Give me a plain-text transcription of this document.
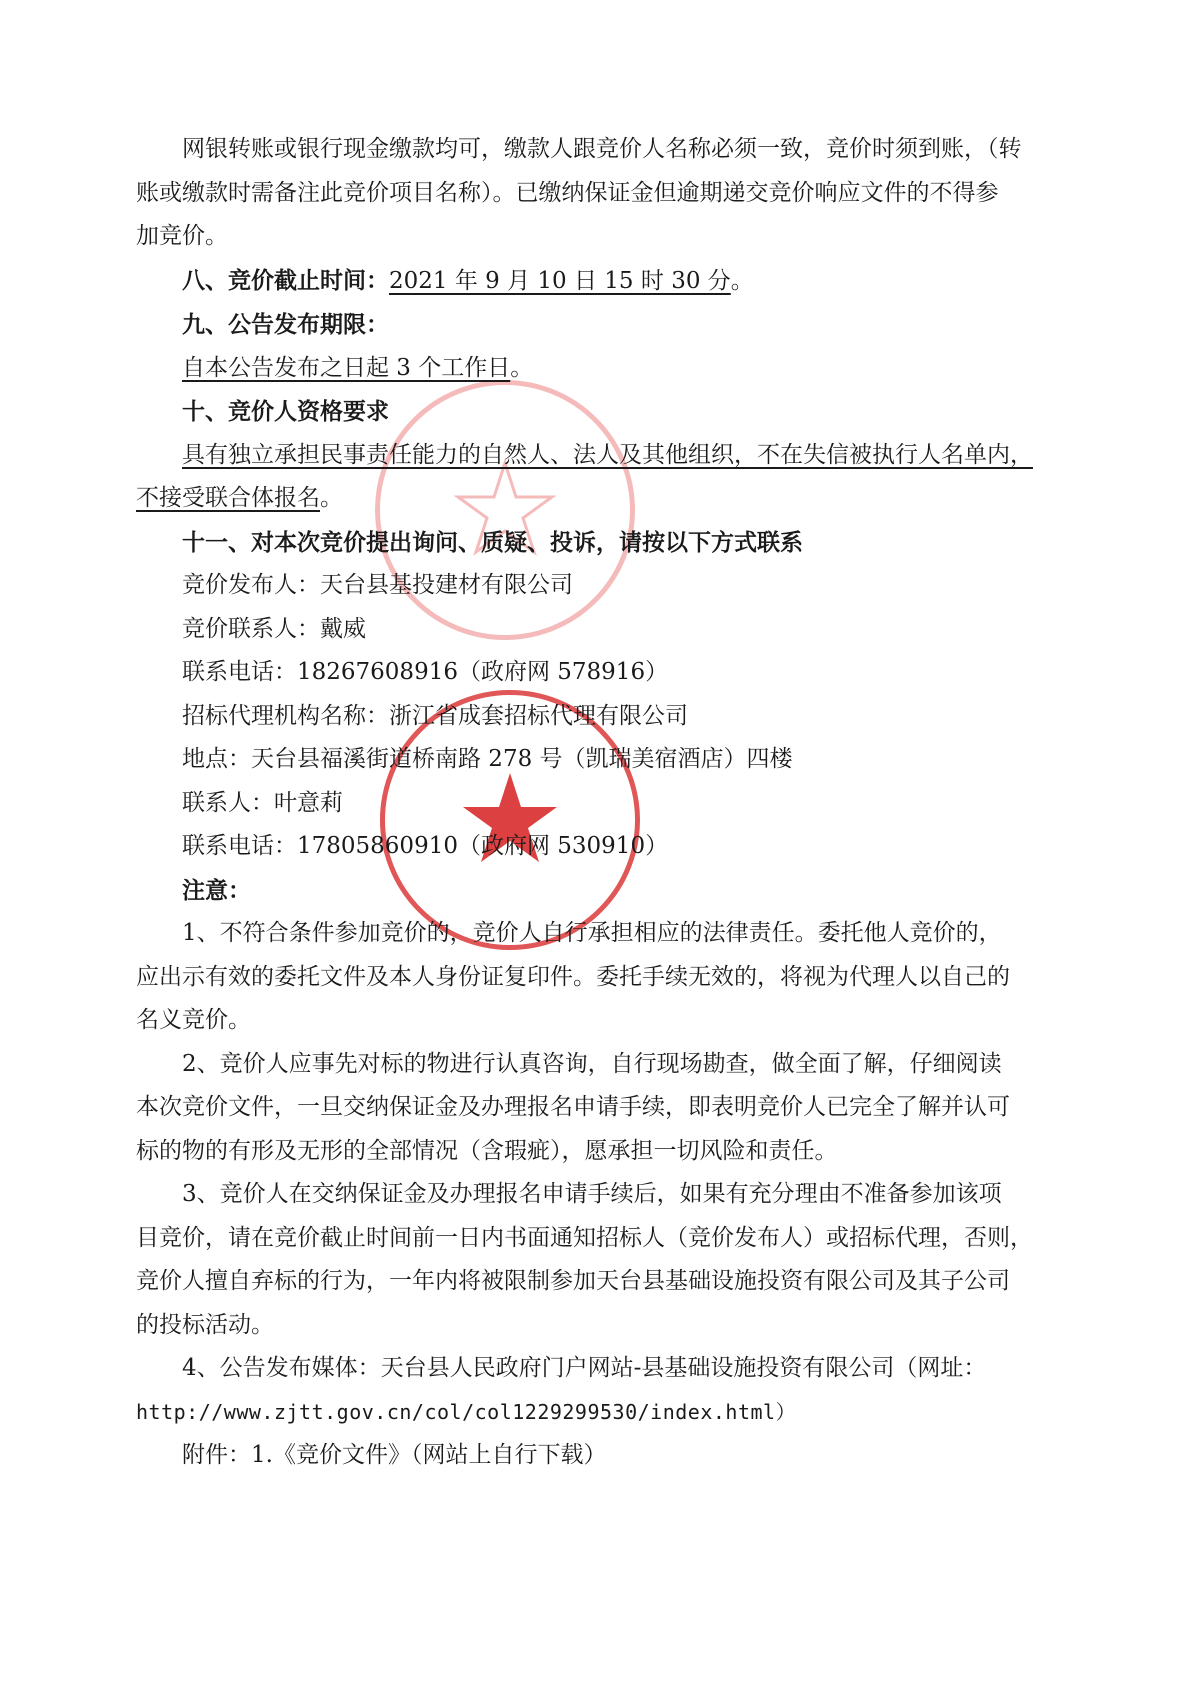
网银转账或银行现金缴款均可，缴款人跟竞价人名称必须一致，竞价时须到账，（转
账或缴款时需备注此竞价项目名称）。已缴纳保证金但逾期递交竞价响应文件的不得参
加竞价。
八、竞价截止时间：2021 年 9 月 10 日 15 时 30 分。
九、公告发布期限：
自本公告发布之日起 3 个工作日。
十、竞价人资格要求
具有独立承担民事责任能力的自然人、法人及其他组织，不在失信被执行人名单内，
不接受联合体报名。
十一、对本次竞价提出询问、质疑、投诉，请按以下方式联系
竞价发布人：天台县基投建材有限公司
竞价联系人：戴威
联系电话：18267608916（政府网 578916）
招标代理机构名称：浙江省成套招标代理有限公司
地点：天台县福溪街道桥南路 278 号（凯瑞美宿酒店）四楼
联系人：叶意莉
联系电话：17805860910（政府网 530910）
注意：
1、不符合条件参加竞价的，竞价人自行承担相应的法律责任。委托他人竞价的，
应出示有效的委托文件及本人身份证复印件。委托手续无效的，将视为代理人以自己的
名义竞价。
2、竞价人应事先对标的物进行认真咨询，自行现场勘查，做全面了解，仔细阅读
本次竞价文件，一旦交纳保证金及办理报名申请手续，即表明竞价人已完全了解并认可
标的物的有形及无形的全部情况（含瑕疵），愿承担一切风险和责任。
3、竞价人在交纳保证金及办理报名申请手续后，如果有充分理由不准备参加该项
目竞价，请在竞价截止时间前一日内书面通知招标人（竞价发布人）或招标代理，否则，
竞价人擅自弃标的行为，一年内将被限制参加天台县基础设施投资有限公司及其子公司
的投标活动。
4、公告发布媒体：天台县人民政府门户网站-县基础设施投资有限公司（网址：
http://www.zjtt.gov.cn/col/col1229299530/index.html）
附件：1.《竞价文件》（网站上自行下载）
